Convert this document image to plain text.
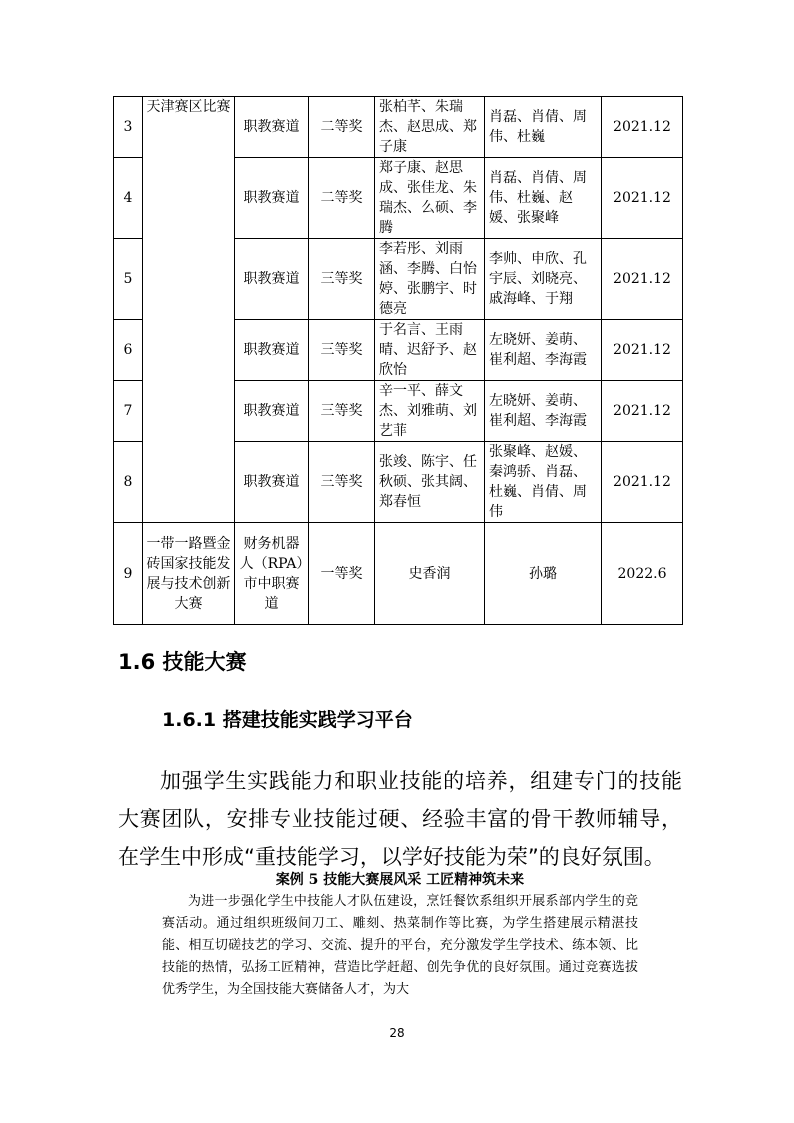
3	天津赛区比赛	职教赛道	二等奖	张柏芊、朱瑞杰、赵思成、郑子康	肖磊、肖倩、周伟、杜巍	2021.12
4		职教赛道	二等奖	郑子康、赵思成、张佳龙、朱瑞杰、么硕、李腾	肖磊、肖倩、周伟、杜巍、赵媛、张聚峰	2021.12
5		职教赛道	三等奖	李若彤、刘雨涵、李腾、白怡婷、张鹏宇、时德亮	李帅、申欣、孔宇辰、刘晓亮、戚海峰、于翔	2021.12
6		职教赛道	三等奖	于名言、王雨晴、迟舒予、赵欣怡	左晓妍、姜萌、崔利超、李海霞	2021.12
7		职教赛道	三等奖	辛一平、薛文杰、刘雅萌、刘艺菲	左晓妍、姜萌、崔利超、李海霞	2021.12
8		职教赛道	三等奖	张竣、陈宇、任秋硕、张其阔、郑春恒	张聚峰、赵媛、秦鸿骄、肖磊、杜巍、肖倩、周伟	2021.12
9	一带一路暨金砖国家技能发展与技术创新大赛	财务机器人（RPA）市中职赛道	一等奖	史香润	孙璐	2022.6
1.6 技能大赛
1.6.1 搭建技能实践学习平台

加强学生实践能力和职业技能的培养，组建专门的技能大赛团队，安排专业技能过硬、经验丰富的骨干教师辅导，在学生中形成“重技能学习，以学好技能为荣”的良好氛围。

案例 5 技能大赛展风采 工匠精神筑未来

为进一步强化学生中技能人才队伍建设，烹饪餐饮系组织开展系部内学生的竞赛活动。通过组织班级间刀工、雕刻、热菜制作等比赛，为学生搭建展示精湛技能、相互切磋技艺的学习、交流、提升的平台，充分激发学生学技术、练本领、比技能的热情，弘扬工匠精神，营造比学赶超、创先争优的良好氛围。通过竞赛选拔优秀学生，为全国技能大赛储备人才，为大

28
